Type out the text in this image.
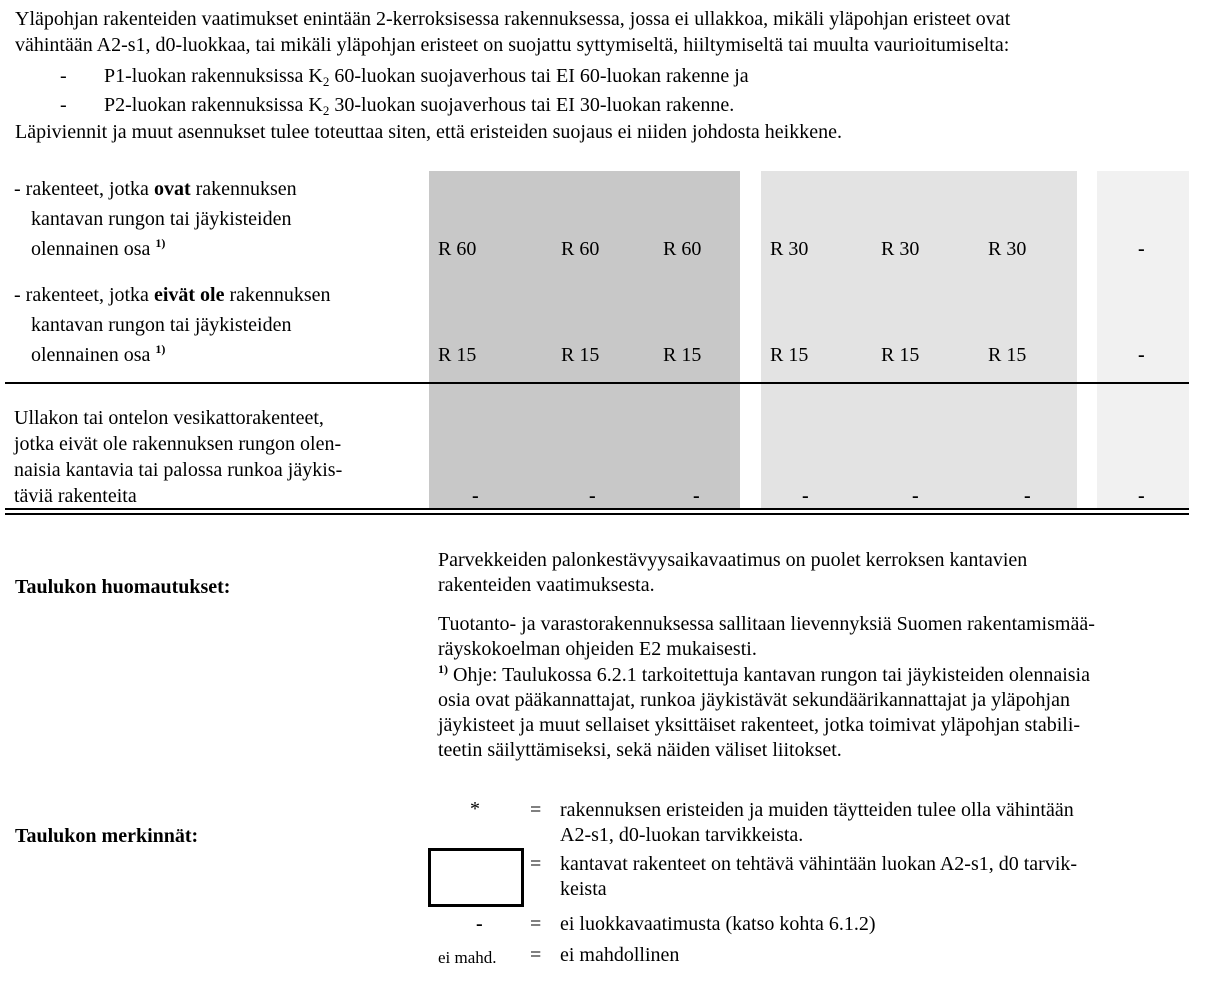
Yläpohjan rakenteiden vaatimukset enintään 2-kerroksisessa rakennuksessa, jossa ei ullakkoa, mikäli yläpohjan eristeet ovat
vähintään A2-s1, d0-luokkaa, tai mikäli yläpohjan eristeet on suojattu syttymiseltä, hiiltymiseltä tai muulta vaurioitumiselta:
- P1-luokan rakennuksissa $K_2$ 60-luokan suojaverhous tai EI 60-luokan rakenne ja
- P2-luokan rakennuksissa $K_2$ 30-luokan suojaverhous tai EI 30-luokan rakenne.
Läpiviennit ja muut asennukset tulee toteuttaa siten, että eristeiden suojaus ei niiden johdosta heikkene.
- rakenteet, jotka ovat rakennuksen
kantavan rungon tai jäykisteiden
olennainen osa $^{1)}$	R 60	R 60	R 60	R 30	R 30	R 30	-
- rakenteet, jotka eivät ole rakennuksen
kantavan rungon tai jäykisteiden
olennainen osa $^{1)}$	R 15	R 15	R 15	R 15	R 15	R 15	-
Ullakon tai ontelon vesikattorakenteet,
jotka eivät ole rakennuksen rungon olen-
naisia kantavia tai palossa runkoa jäykis-
täviä rakenteita	-	-	-	-	-	-	-
Taulukon huomautukset:
Parvekkeiden palonkestävyysaikavaatimus on puolet kerroksen kantavien
rakenteiden vaatimuksesta.
Tuotanto- ja varastorakennuksessa sallitaan lievennyksiä Suomen rakentamismää-
räyskokoelman ohjeiden E2 mukaisesti.
$^{1)}$ Ohje: Taulukossa 6.2.1 tarkoitettuja kantavan rungon tai jäykisteiden olennaisia
osia ovat pääkannattajat, runkoa jäykistävät sekundäärikannattajat ja yläpohjan
jäykisteet ja muut sellaiset yksittäiset rakenteet, jotka toimivat yläpohjan stabili-
teetin säilyttämiseksi, sekä näiden väliset liitokset.
Taulukon merkinnät:
*	= rakennuksen eristeiden ja muiden täytteiden tulee olla vähintään
A2-s1, d0-luokan tarvikkeista.
= kantavat rakenteet on tehtävä vähintään luokan A2-s1, d0 tarvik-
keista
- = ei luokkavaatimusta (katso kohta 6.1.2)
ei mahd. = ei mahdollinen
